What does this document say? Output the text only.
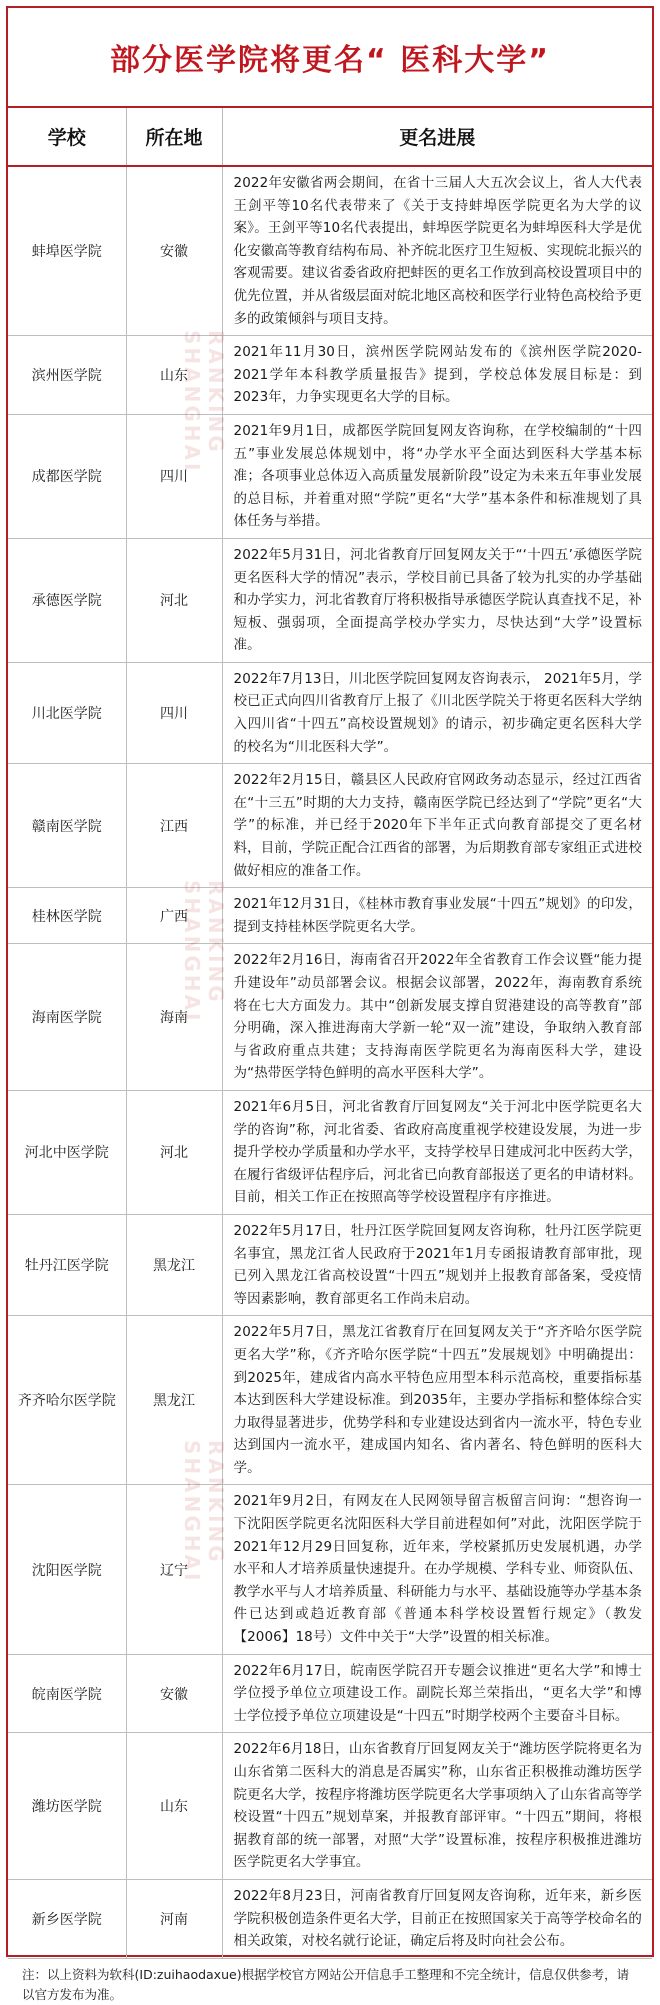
部分医学院将更名“ 医科大学”
学校	所在地	更名进展
蚌埠医学院	安徽	2022年安徽省两会期间，在省十三届人大五次会议上，省人大代表王剑平等10名代表带来了《关于支持蚌埠医学院更名为大学的议案》。王剑平等10名代表提出，蚌埠医学院更名为蚌埠医科大学是优化安徽高等教育结构布局、补齐皖北医疗卫生短板、实现皖北振兴的客观需要。建议省委省政府把蚌医的更名工作放到高校设置项目中的优先位置，并从省级层面对皖北地区高校和医学行业特色高校给予更多的政策倾斜与项目支持。
滨州医学院	山东	2021年11月30日，滨州医学院网站发布的《滨州医学院2020-2021学年本科教学质量报告》提到，学校总体发展目标是：到2023年，力争实现更名大学的目标。
成都医学院	四川	2021年9月1日，成都医学院回复网友咨询称，在学校编制的“十四五”事业发展总体规划中，将“办学水平全面达到医科大学基本标准；各项事业总体迈入高质量发展新阶段”设定为未来五年事业发展的总目标，并着重对照“学院”更名“大学”基本条件和标准规划了具体任务与举措。
承德医学院	河北	2022年5月31日，河北省教育厅回复网友关于“‘十四五’承德医学院更名医科大学的情况”表示，学校目前已具备了较为扎实的办学基础和办学实力，河北省教育厅将积极指导承德医学院认真查找不足，补短板、强弱项，全面提高学校办学实力，尽快达到“大学”设置标准。
川北医学院	四川	2022年7月13日，川北医学院回复网友咨询表示， 2021年5月，学校已正式向四川省教育厅上报了《川北医学院关于将更名医科大学纳入四川省“十四五”高校设置规划》的请示，初步确定更名医科大学的校名为“川北医科大学”。
赣南医学院	江西	2022年2月15日，赣县区人民政府官网政务动态显示，经过江西省在“十三五”时期的大力支持，赣南医学院已经达到了“学院”更名“大学”的标准，并已经于2020年下半年正式向教育部提交了更名材料，目前，学院正配合江西省的部署，为后期教育部专家组正式进校做好相应的准备工作。
桂林医学院	广西	2021年12月31日，《桂林市教育事业发展“十四五”规划》的印发，提到支持桂林医学院更名大学。
海南医学院	海南	2022年2月16日，海南省召开2022年全省教育工作会议暨“能力提升建设年”动员部署会议。根据会议部署，2022年，海南教育系统将在七大方面发力。其中“创新发展支撑自贸港建设的高等教育”部分明确，深入推进海南大学新一轮“双一流”建设，争取纳入教育部与省政府重点共建；支持海南医学院更名为海南医科大学，建设为“热带医学特色鲜明的高水平医科大学”。
河北中医学院	河北	2021年6月5日，河北省教育厅回复网友“关于河北中医学院更名大学的咨询”称，河北省委、省政府高度重视学校建设发展，为进一步提升学校办学质量和办学水平，支持学校早日建成河北中医药大学，在履行省级评估程序后，河北省已向教育部报送了更名的申请材料。目前，相关工作正在按照高等学校设置程序有序推进。
牡丹江医学院	黑龙江	2022年5月17日，牡丹江医学院回复网友咨询称，牡丹江医学院更名事宜，黑龙江省人民政府于2021年1月专函报请教育部审批，现已列入黑龙江省高校设置“十四五”规划并上报教育部备案，受疫情等因素影响，教育部更名工作尚未启动。
齐齐哈尔医学院	黑龙江	2022年5月7日，黑龙江省教育厅在回复网友关于“齐齐哈尔医学院更名大学”称，《齐齐哈尔医学院“十四五”发展规划》中明确提出：到2025年，建成省内高水平特色应用型本科示范高校，重要指标基本达到医科大学建设标准。到2035年，主要办学指标和整体综合实力取得显著进步，优势学科和专业建设达到省内一流水平，特色专业达到国内一流水平，建成国内知名、省内著名、特色鲜明的医科大学。
沈阳医学院	辽宁	2021年9月2日，有网友在人民网领导留言板留言问询：“想咨询一下沈阳医学院更名沈阳医科大学目前进程如何”对此，沈阳医学院于2021年12月29日回复称，近年来，学校紧抓历史发展机遇，办学水平和人才培养质量快速提升。在办学规模、学科专业、师资队伍、教学水平与人才培养质量、科研能力与水平、基础设施等办学基本条件已达到或趋近教育部《普通本科学校设置暂行规定》（教发【2006】18号）文件中关于“大学”设置的相关标准。
皖南医学院	安徽	2022年6月17日，皖南医学院召开专题会议推进“更名大学”和博士学位授予单位立项建设工作。副院长郑兰荣指出，“更名大学”和博士学位授予单位立项建设是“十四五”时期学校两个主要奋斗目标。
潍坊医学院	山东	2022年6月18日，山东省教育厅回复网友关于“潍坊医学院将更名为山东省第二医科大的消息是否属实”称，山东省正积极推动潍坊医学院更名大学，按程序将潍坊医学院更名大学事项纳入了山东省高等学校设置“十四五”规划草案，并报教育部评审。“十四五”期间，将根据教育部的统一部署，对照“大学”设置标准，按程序积极推进潍坊医学院更名大学事宜。
新乡医学院	河南	2022年8月23日，河南省教育厅回复网友咨询称，近年来，新乡医学院积极创造条件更名大学，目前正在按照国家关于高等学校命名的相关政策，对校名就行论证，确定后将及时向社会公布。
注：以上资料为软科(ID:zuihaodaxue)根据学校官方网站公开信息手工整理和不完全统计，信息仅供参考，请以官方发布为准。
